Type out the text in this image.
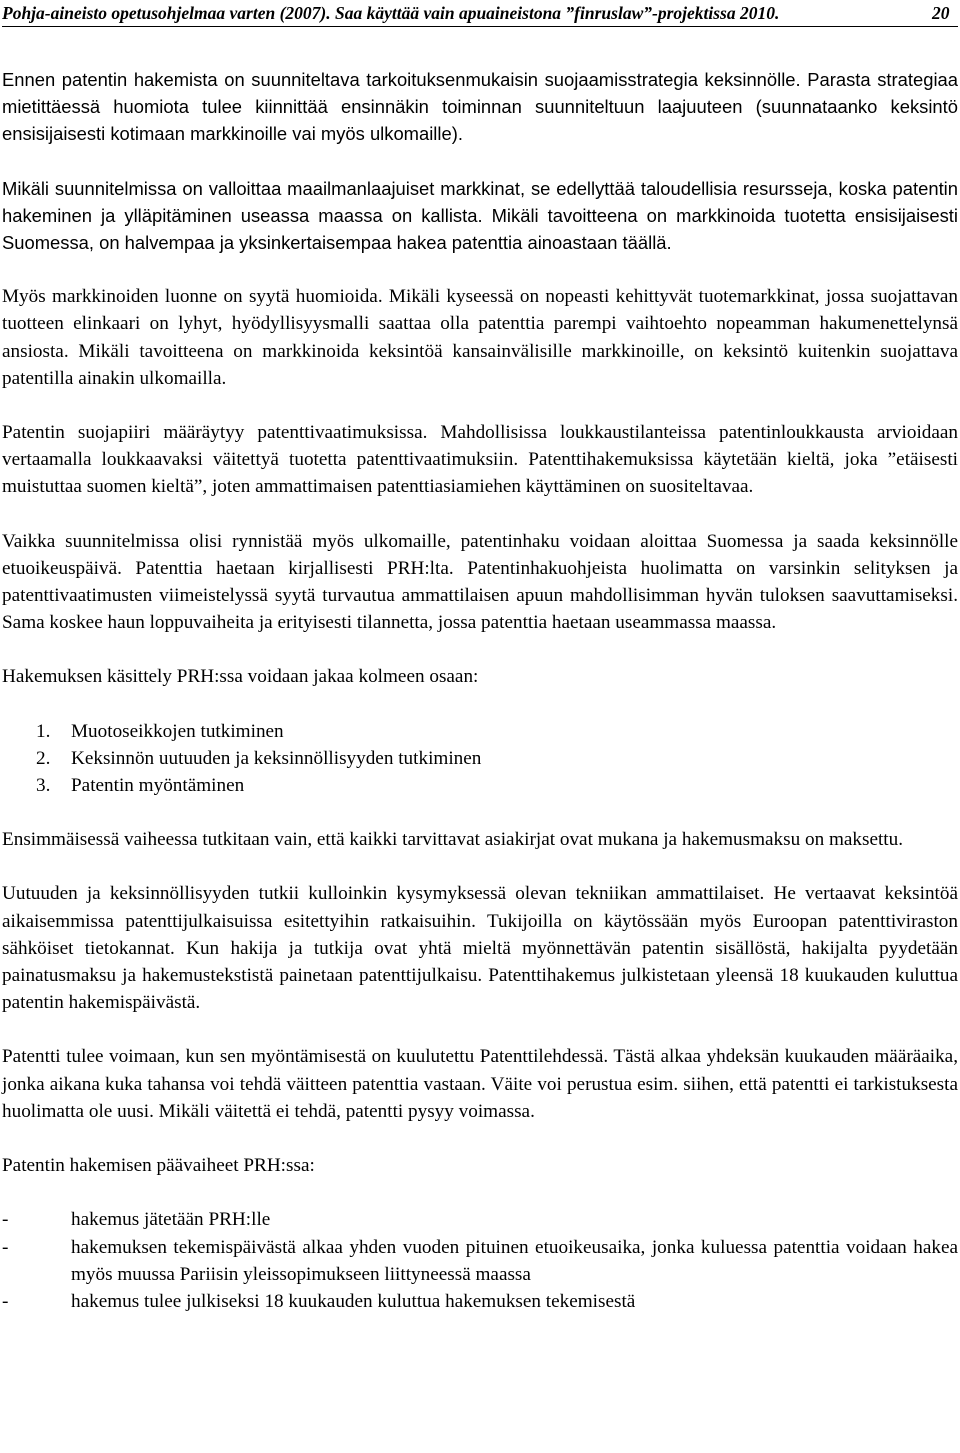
Pohja-aineisto opetusohjelmaa varten (2007). Saa käyttää vain apuaineistona ”finruslaw”-projektissa 2010.	20

Ennen patentin hakemista on suunniteltava tarkoituksenmukaisin suojaamisstrategia keksinnölle. Parasta strategiaa mietittäessä huomiota tulee kiinnittää ensinnäkin toiminnan suunniteltuun laajuuteen (suunnataanko keksintö ensisijaisesti kotimaan markkinoille vai myös ulkomaille).

Mikäli suunnitelmissa on valloittaa maailmanlaajuiset markkinat, se edellyttää taloudellisia resursseja, koska patentin hakeminen ja ylläpitäminen useassa maassa on kallista. Mikäli tavoitteena on markkinoida tuotetta ensisijaisesti Suomessa, on halvempaa ja yksinkertaisempaa hakea patenttia ainoastaan täällä.

Myös markkinoiden luonne on syytä huomioida. Mikäli kyseessä on nopeasti kehittyvät tuotemarkkinat, jossa suojattavan tuotteen elinkaari on lyhyt, hyödyllisyysmalli saattaa olla patenttia parempi vaihtoehto nopeamman hakumenettelynsä ansiosta. Mikäli tavoitteena on markkinoida keksintöä kansainvälisille markkinoille, on keksintö kuitenkin suojattava patentilla ainakin ulkomailla.

Patentin suojapiiri määräytyy patenttivaatimuksissa. Mahdollisissa loukkaustilanteissa patentinloukkausta arvioidaan vertaamalla loukkaavaksi väitettyä tuotetta patenttivaatimuksiin. Patenttihakemuksissa käytetään kieltä, joka ”etäisesti muistuttaa suomen kieltä”, joten ammattimaisen patenttiasiamiehen käyttäminen on suositeltavaa.

Vaikka suunnitelmissa olisi rynnistää myös ulkomaille, patentinhaku voidaan aloittaa Suomessa ja saada keksinnölle etuoikeuspäivä. Patenttia haetaan kirjallisesti PRH:lta. Patentinhakuohjeista huolimatta on varsinkin selityksen ja patenttivaatimusten viimeistelyssä syytä turvautua ammattilaisen apuun mahdollisimman hyvän tuloksen saavuttamiseksi. Sama koskee haun loppuvaiheita ja erityisesti tilannetta, jossa patenttia haetaan useammassa maassa.

Hakemuksen käsittely PRH:ssa voidaan jakaa kolmeen osaan:

1. Muotoseikkojen tutkiminen
2. Keksinnön uutuuden ja keksinnöllisyyden tutkiminen
3. Patentin myöntäminen

Ensimmäisessä vaiheessa tutkitaan vain, että kaikki tarvittavat asiakirjat ovat mukana ja hakemusmaksu on maksettu.

Uutuuden ja keksinnöllisyyden tutkii kulloinkin kysymyksessä olevan tekniikan ammattilaiset. He vertaavat keksintöä aikaisemmissa patenttijulkaisuissa esitettyihin ratkaisuihin. Tukijoilla on käytössään myös Euroopan patenttiviraston sähköiset tietokannat. Kun hakija ja tutkija ovat yhtä mieltä myönnettävän patentin sisällöstä, hakijalta pyydetään painatusmaksu ja hakemustekstistä painetaan patenttijulkaisu. Patenttihakemus julkistetaan yleensä 18 kuukauden kuluttua patentin hakemispäivästä.

Patentti tulee voimaan, kun sen myöntämisestä on kuulutettu Patenttilehdessä. Tästä alkaa yhdeksän kuukauden määräaika, jonka aikana kuka tahansa voi tehdä väitteen patenttia vastaan. Väite voi perustua esim. siihen, että patentti ei tarkistuksesta huolimatta ole uusi. Mikäli väitettä ei tehdä, patentti pysyy voimassa.

Patentin hakemisen päävaiheet PRH:ssa:

-	hakemus jätetään PRH:lle
-	hakemuksen tekemispäivästä alkaa yhden vuoden pituinen etuoikeusaika, jonka kuluessa patenttia voidaan hakea myös muussa Pariisin yleissopimukseen liittyneessä maassa
-	hakemus tulee julkiseksi 18 kuukauden kuluttua hakemuksen tekemisestä
